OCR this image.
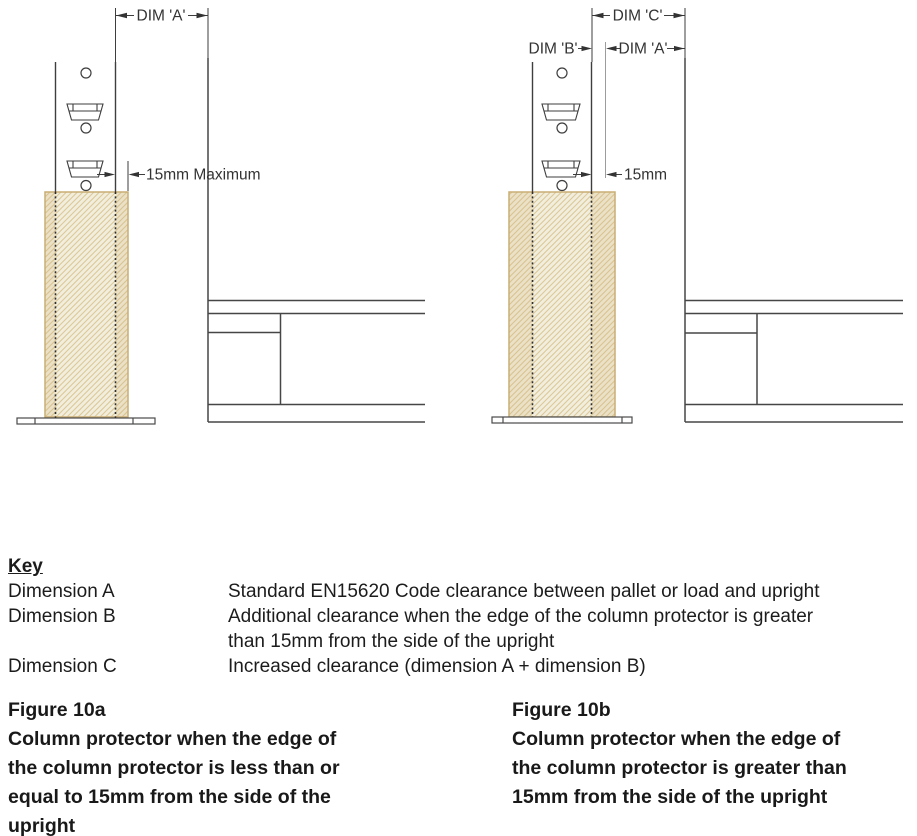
DIM 'A'
15mm Maximum
DIM 'C'
DIM 'B'	DIM 'A'
15mm
Key
Dimension A	Standard EN15620 Code clearance between pallet or load and upright
Dimension B	Additional clearance when the edge of the column protector is greater
than 15mm from the side of the upright
Dimension C	Increased clearance (dimension A + dimension B)
Figure 10a
Column protector when the edge of
the column protector is less than or
equal to 15mm from the side of the
upright
Figure 10b
Column protector when the edge of
the column protector is greater than
15mm from the side of the upright
